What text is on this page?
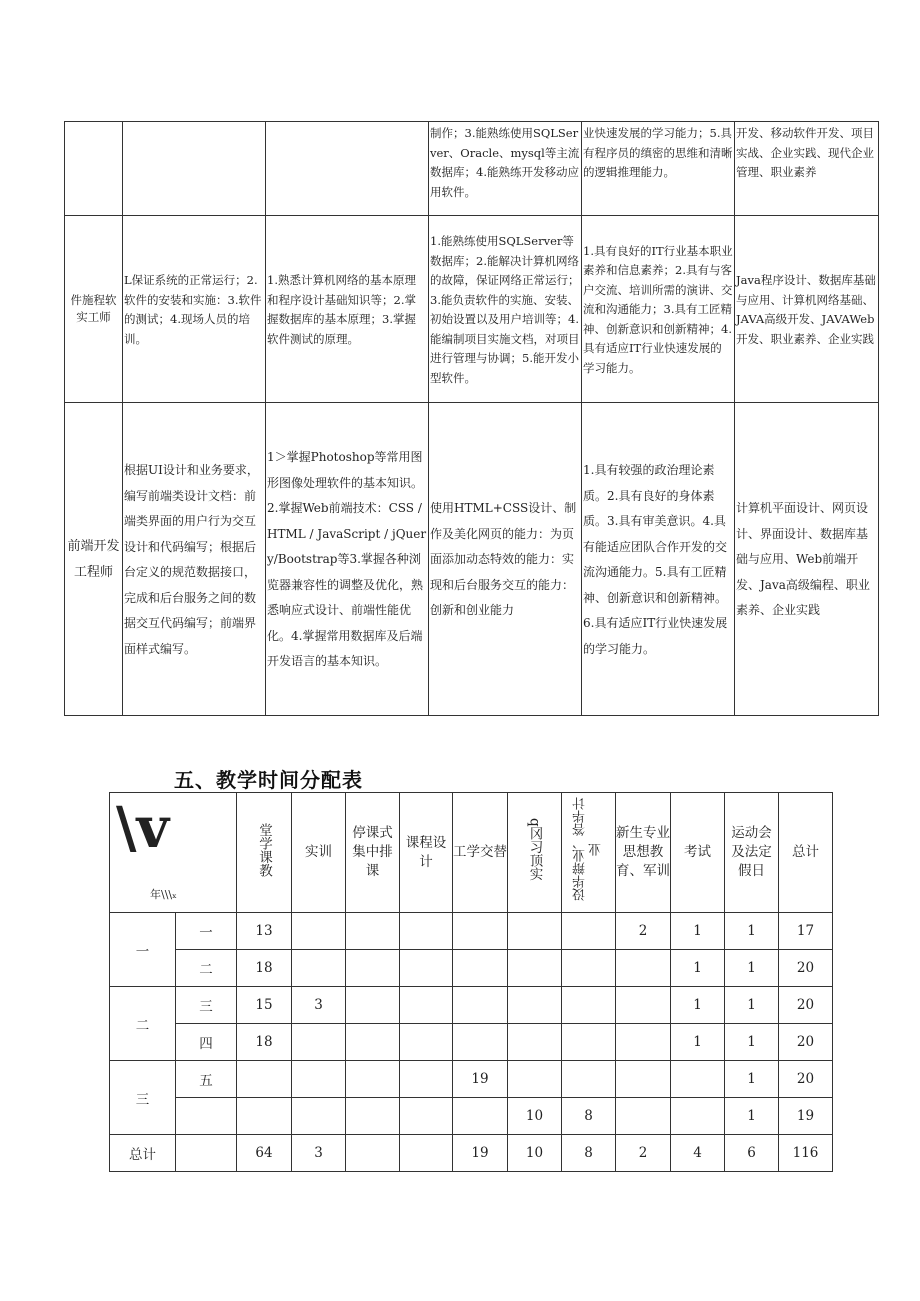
			制作；3.能熟练使用SQLServer、Oracle、mysql等主流数据库；4.能熟练开发移动应用软件。	业快速发展的学习能力；5.具有程序员的缜密的思维和清晰的逻辑推理能力。	开发、移动软件开发、项目实战、企业实践、现代企业管理、职业素养
件施程软实工师	L保证系统的正常运行；2.软件的安装和实施：3.软件的测试；4.现场人员的培训。	1.熟悉计算机网络的基本原理和程序设计基础知识等；2.掌握数据库的基本原理；3.掌握软件测试的原理。	1.能熟练使用SQLServer等数据库；2.能解决计算机网络的故障，保证网络正常运行；3.能负责软件的实施、安装、初始设置以及用户培训等；4.能编制项目实施文档，对项目进行管理与协调；5.能开发小型软件。	1.具有良好的IT行业基本职业素养和信息素养；2.具有与客户交流、培训所需的演讲、交流和沟通能力；3.具有工匠精神、创新意识和创新精神；4.具有适应IT行业快速发展的学习能力。	Java程序设计、数据库基础与应用、计算机网络基础、JAVA高级开发、JAVAWeb开发、职业素养、企业实践
前端开发工程师	根据UI设计和业务要求，编写前端类设计文档：前端类界面的用户行为交互设计和代码编写；根据后台定义的规范数据接口，完成和后台服务之间的数据交互代码编写；前端界面样式编写。	1＞掌握Photoshop等常用图形图像处理软件的基本知识。2.掌握Web前端技术：CSS / HTML / JavaScript / jQuery/Bootstrap等3.掌握各种浏览器兼容性的调整及优化，熟悉响应式设计、前端性能优化。4.掌握常用数据库及后端开发语言的基本知识。	使用HTML+CSS设计、制作及美化网页的能力：为页面添加动态特效的能力：实现和后台服务交互的能力：创新和创业能力	1.具有较强的政治理论素质。2.具有良好的身体素质。3.具有审美意识。4.具有能适应团队合作开发的交流沟通能力。5.具有工匠精神、创新意识和创新精神。6.具有适应IT行业快速发展的学习能力。	计算机平面设计、网页设计、界面设计、数据库基础与应用、Web前端开发、Java高级编程、职业素养、企业实践
五、教学时间分配表
\v
年\\\ₓ		堂学课教	实训	停课式集中排课	课程设计	工学交替	q冈习顶实	设毕辩业、答毕计业	新生专业思想教育、军训	考试	运动会及法定假日	总计
一	一	13							2	1	1	17
	二	18								1	1	20
二	三	15	3							1	1	20
	四	18								1	1	20
三	五					19					1	20
							10	8			1	19
总计		64	3			19	10	8	2	4	6	116
